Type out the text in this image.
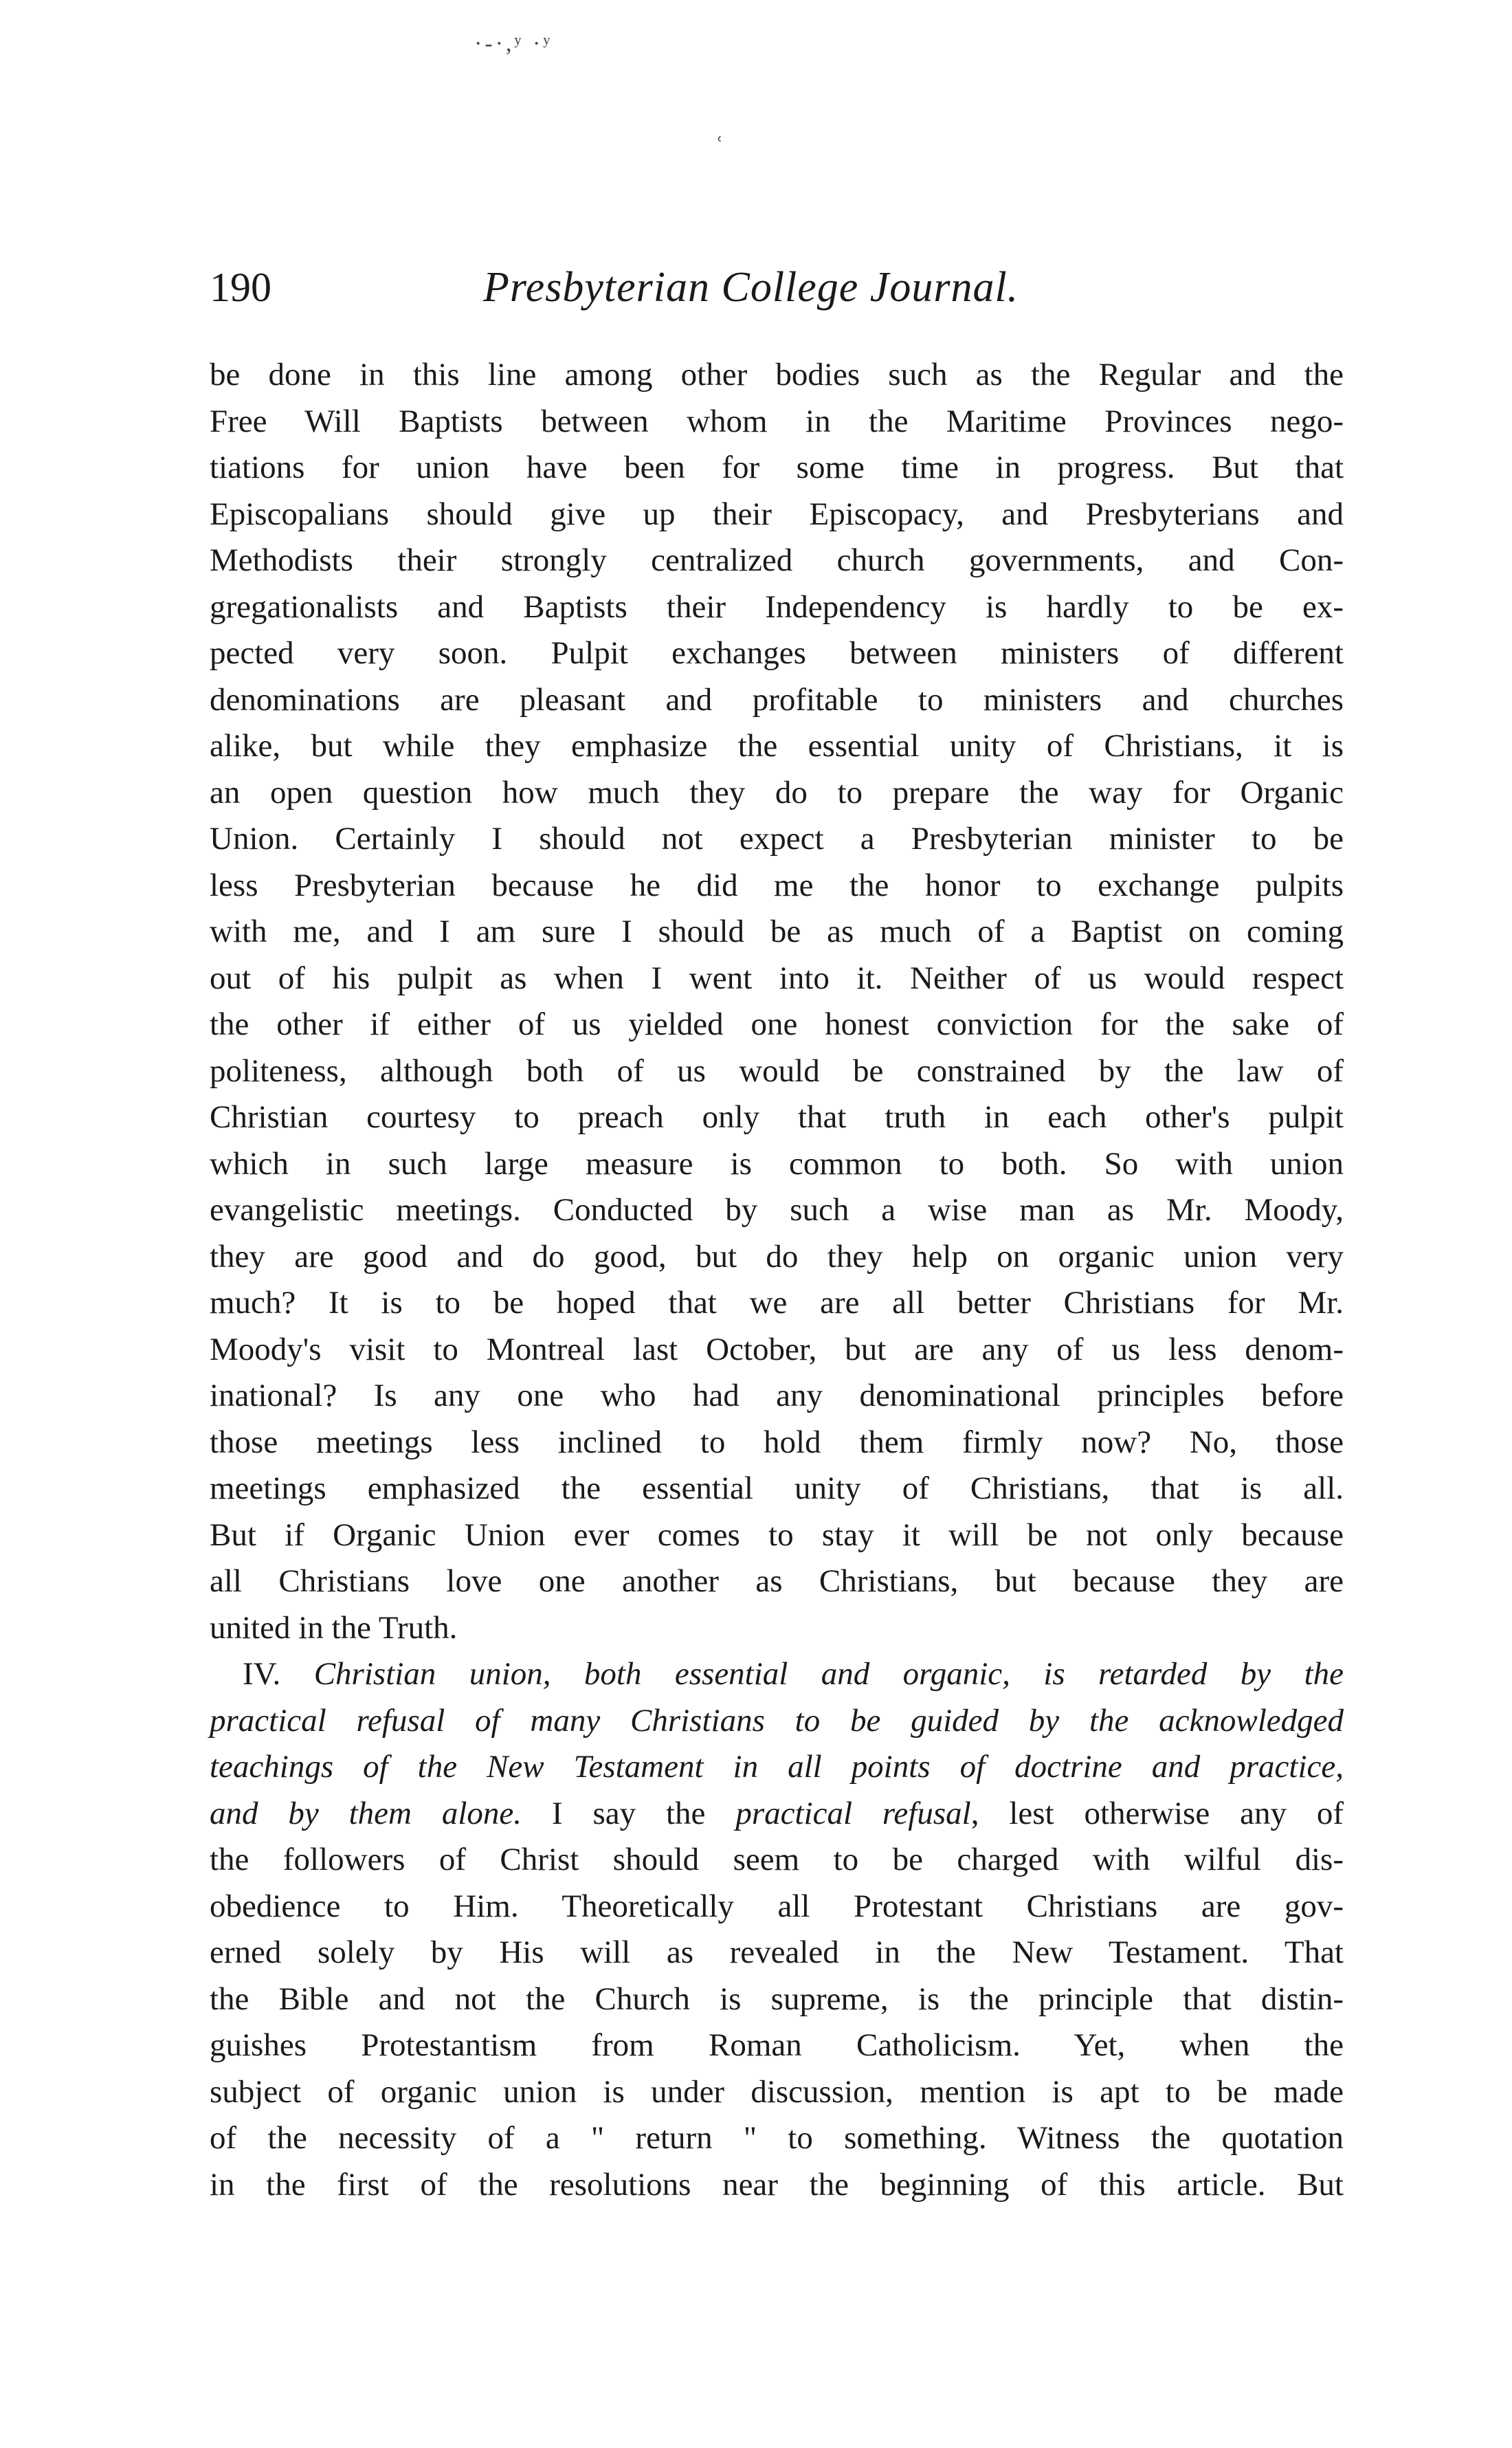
·-·,ʸ ·ʸ
ʿ
190	Presbyterian College Journal.
be done in this line among other bodies such as the Regular and the
Free Will Baptists between whom in the Maritime Provinces nego-
tiations for union have been for some time in progress. But that
Episcopalians should give up their Episcopacy, and Presbyterians and
Methodists their strongly centralized church governments, and Con-
gregationalists and Baptists their Independency is hardly to be ex-
pected very soon. Pulpit exchanges between ministers of different
denominations are pleasant and profitable to ministers and churches
alike, but while they emphasize the essential unity of Christians, it is
an open question how much they do to prepare the way for Organic
Union. Certainly I should not expect a Presbyterian minister to be
less Presbyterian because he did me the honor to exchange pulpits
with me, and I am sure I should be as much of a Baptist on coming
out of his pulpit as when I went into it. Neither of us would respect
the other if either of us yielded one honest conviction for the sake of
politeness, although both of us would be constrained by the law of
Christian courtesy to preach only that truth in each other's pulpit
which in such large measure is common to both. So with union
evangelistic meetings. Conducted by such a wise man as Mr. Moody,
they are good and do good, but do they help on organic union very
much? It is to be hoped that we are all better Christians for Mr.
Moody's visit to Montreal last October, but are any of us less denom-
inational? Is any one who had any denominational principles before
those meetings less inclined to hold them firmly now? No, those
meetings emphasized the essential unity of Christians, that is all.
But if Organic Union ever comes to stay it will be not only because
all Christians love one another as Christians, but because they are
united in the Truth.
IV. Christian union, both essential and organic, is retarded by the
practical refusal of many Christians to be guided by the acknowledged
teachings of the New Testament in all points of doctrine and practice,
and by them alone. I say the practical refusal, lest otherwise any of
the followers of Christ should seem to be charged with wilful dis-
obedience to Him. Theoretically all Protestant Christians are gov-
erned solely by His will as revealed in the New Testament. That
the Bible and not the Church is supreme, is the principle that distin-
guishes Protestantism from Roman Catholicism. Yet, when the
subject of organic union is under discussion, mention is apt to be made
of the necessity of a " return " to something. Witness the quotation
in the first of the resolutions near the beginning of this article. But
